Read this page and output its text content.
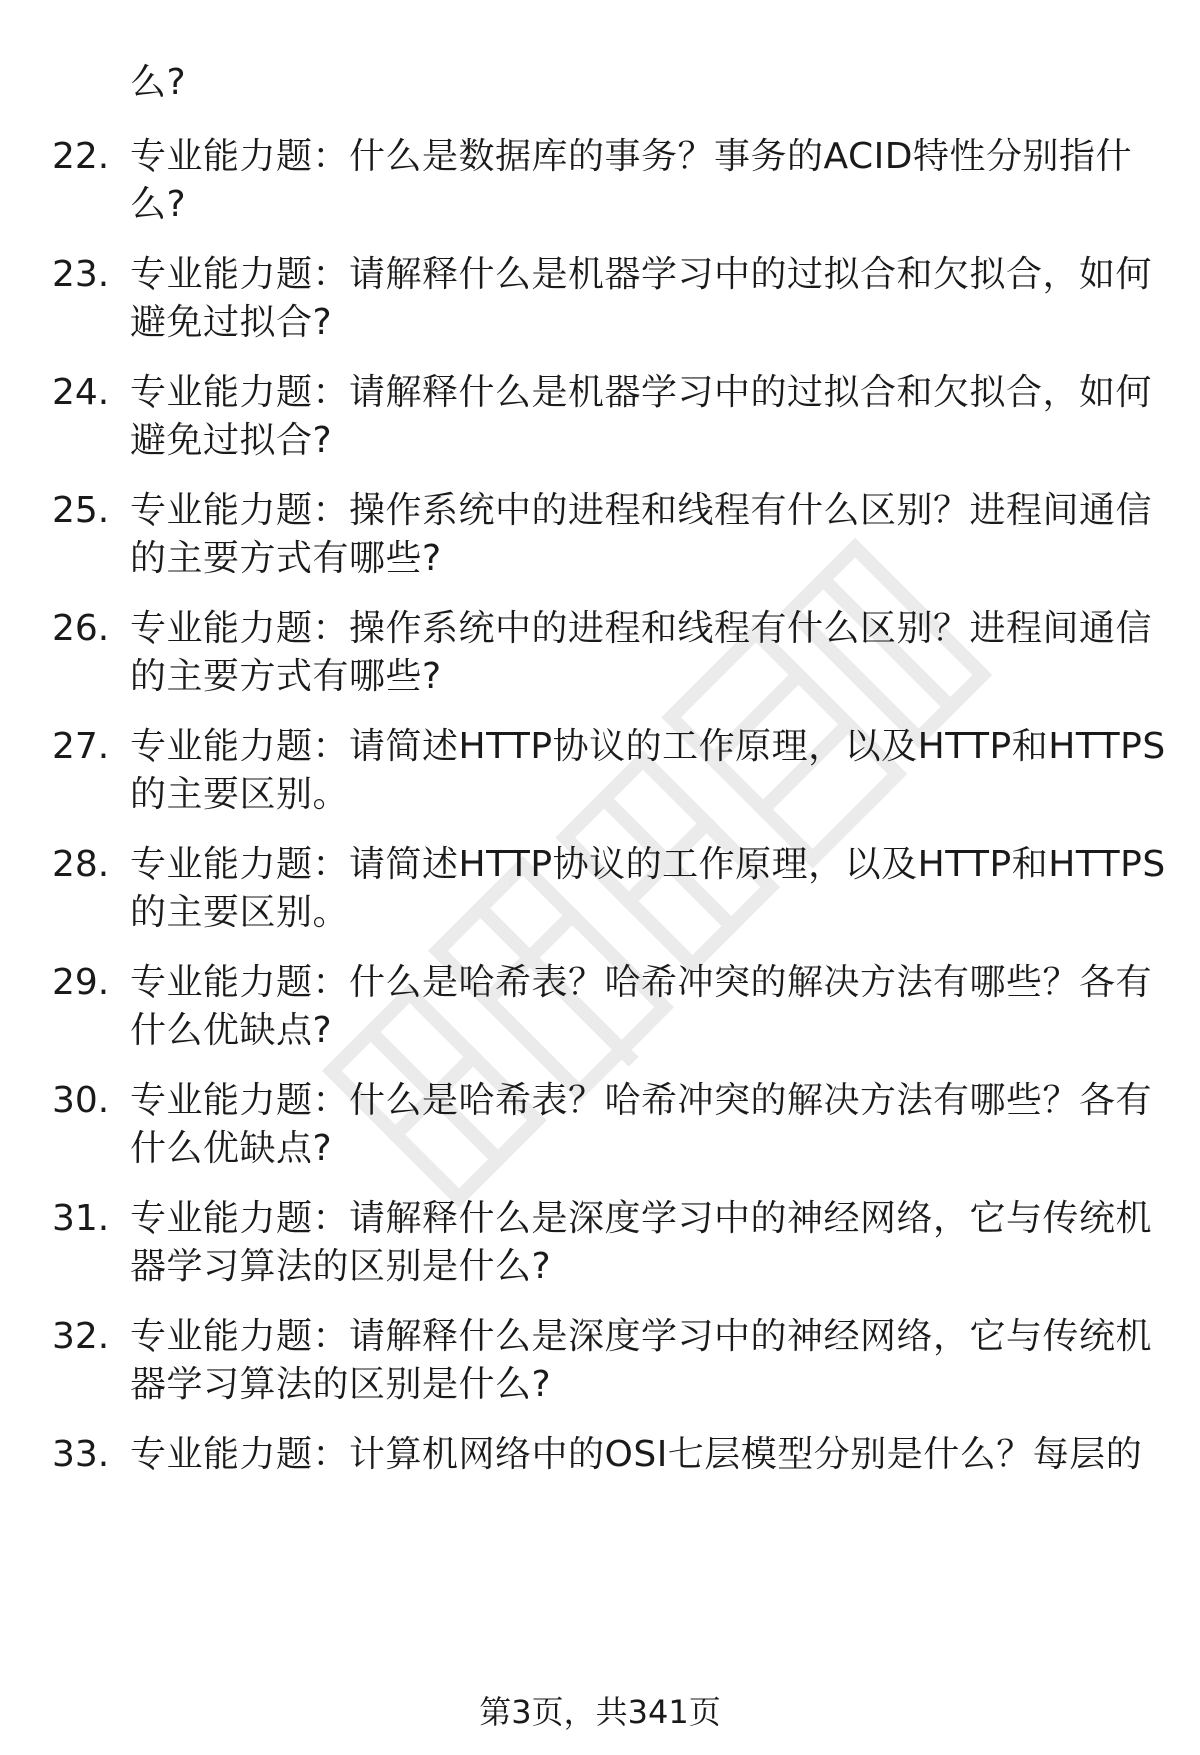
么?
22. 专业能力题：什么是数据库的事务？事务的ACID特性分别指什
么?
23. 专业能力题：请解释什么是机器学习中的过拟合和欠拟合，如何
避免过拟合?
24. 专业能力题：请解释什么是机器学习中的过拟合和欠拟合，如何
避免过拟合?
25. 专业能力题：操作系统中的进程和线程有什么区别？进程间通信
的主要方式有哪些?
26. 专业能力题：操作系统中的进程和线程有什么区别？进程间通信
的主要方式有哪些?
27. 专业能力题：请简述HTTP协议的工作原理，以及HTTP和HTTPS
的主要区别。
28. 专业能力题：请简述HTTP协议的工作原理，以及HTTP和HTTPS
的主要区别。
29. 专业能力题：什么是哈希表？哈希冲突的解决方法有哪些？各有
什么优缺点?
30. 专业能力题：什么是哈希表？哈希冲突的解决方法有哪些？各有
什么优缺点?
31. 专业能力题：请解释什么是深度学习中的神经网络，它与传统机
器学习算法的区别是什么?
32. 专业能力题：请解释什么是深度学习中的神经网络，它与传统机
器学习算法的区别是什么?
33. 专业能力题：计算机网络中的OSI七层模型分别是什么？每层的
第3页，共341页
